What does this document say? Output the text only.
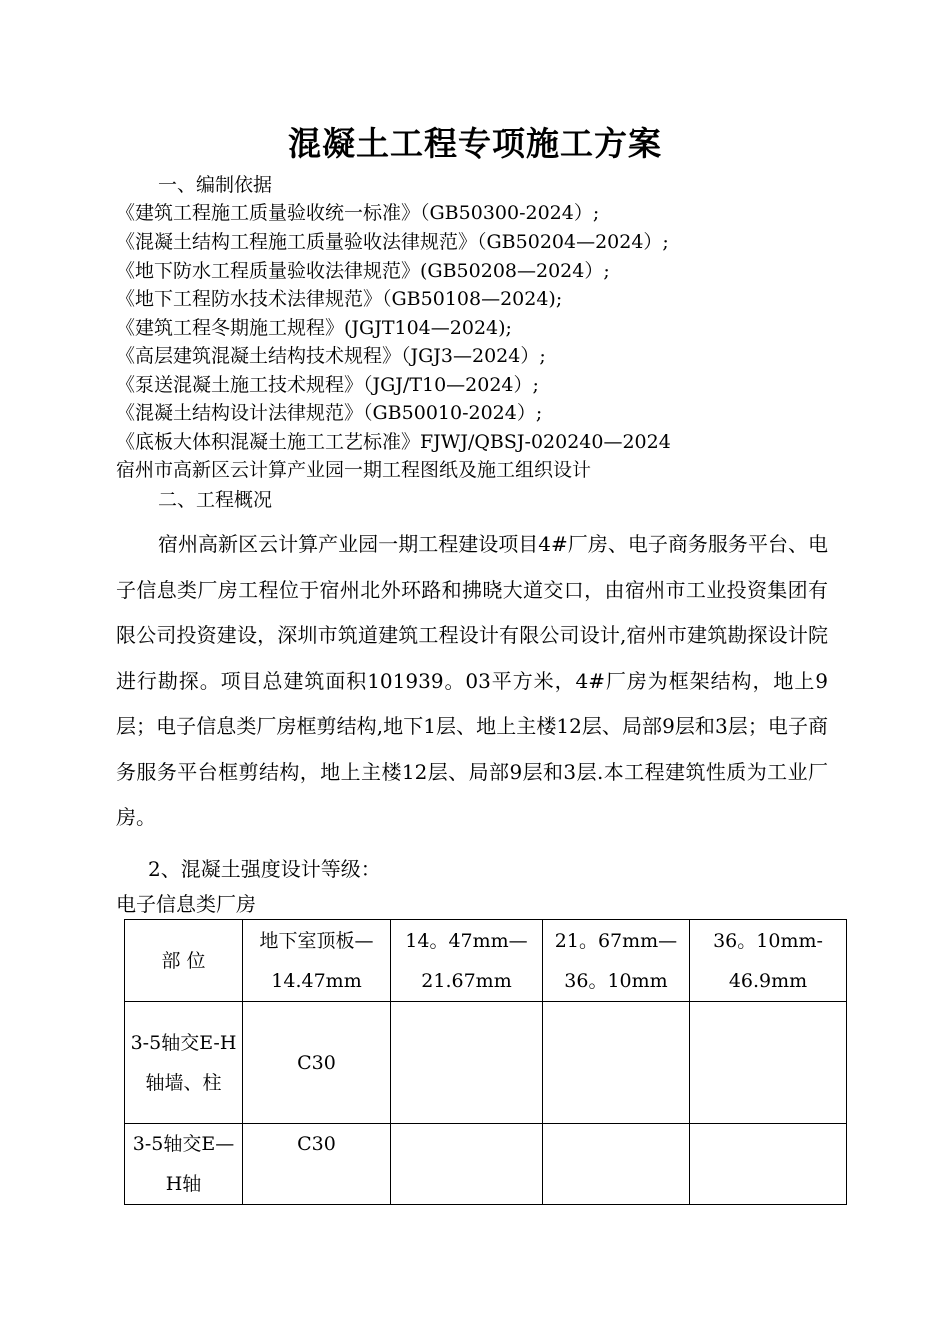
混凝土工程专项施工方案
一、编制依据
《建筑工程施工质量验收统一标准》（GB50300-2024）;
《混凝土结构工程施工质量验收法律规范》（GB50204—2024）;
《地下防水工程质量验收法律规范》(GB50208—2024）;
《地下工程防水技术法律规范》（GB50108—2024);
《建筑工程冬期施工规程》(JGJT104—2024);
《高层建筑混凝土结构技术规程》（JGJ3—2024）;
《泵送混凝土施工技术规程》（JGJ/T10—2024）;
《混凝土结构设计法律规范》（GB50010-2024）;
《底板大体积混凝土施工工艺标准》FJWJ/QBSJ-020240—2024
宿州市高新区云计算产业园一期工程图纸及施工组织设计
二、工程概况
宿州高新区云计算产业园一期工程建设项目4#厂房、电子商务服务平台、电子信息类厂房工程位于宿州北外环路和拂晓大道交口，由宿州市工业投资集团有限公司投资建设，深圳市筑道建筑工程设计有限公司设计,宿州市建筑勘探设计院进行勘探。项目总建筑面积101939。03平方米，4#厂房为框架结构，地上9层；电子信息类厂房框剪结构,地下1层、地上主楼12层、局部9层和3层；电子商务服务平台框剪结构，地上主楼12层、局部9层和3层.本工程建筑性质为工业厂房。
2、混凝土强度设计等级：
电子信息类厂房
部 位	地下室顶板—14.47mm	14。47mm—21.67mm	21。67mm—36。10mm	36。10mm-46.9mm
3-5轴交E-H轴墙、柱	C30			
3-5轴交E—H轴	C30			
